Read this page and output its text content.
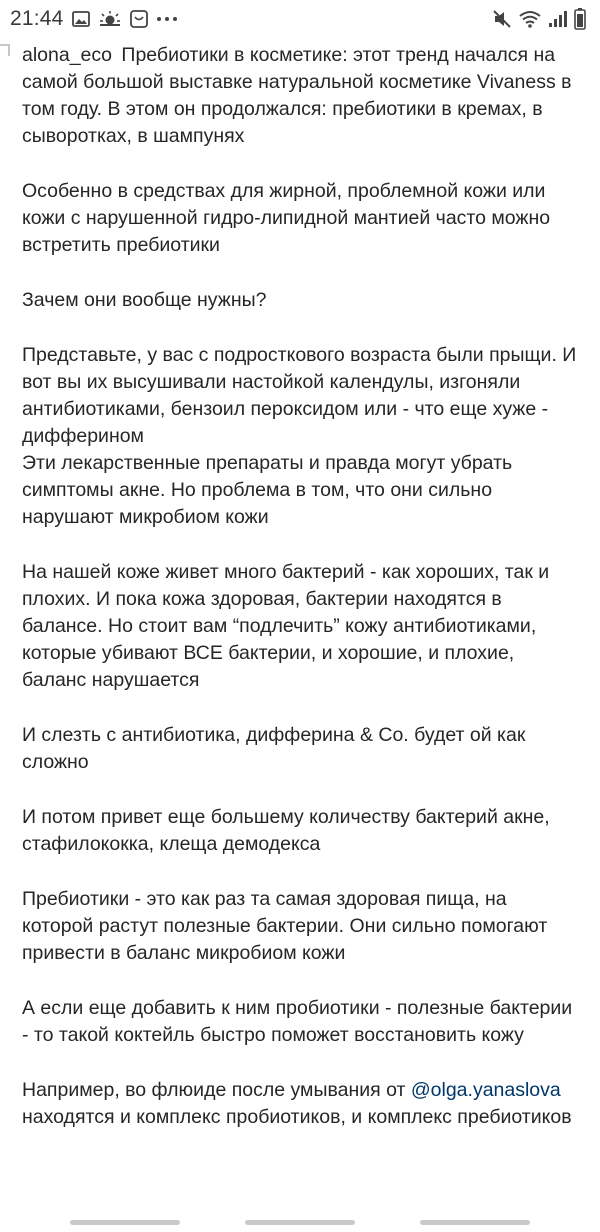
21:44

alona_eco Пребиотики в косметике: этот тренд начался на самой большой выставке натуральной косметике Vivaness в том году. В этом он продолжался: пребиотики в кремах, в сыворотках, в шампунях

Особенно в средствах для жирной, проблемной кожи или кожи с нарушенной гидро-липидной мантией часто можно встретить пребиотики

Зачем они вообще нужны?

Представьте, у вас с подросткового возраста были прыщи. И вот вы их высушивали настойкой календулы, изгоняли антибиотиками, бензоил пероксидом или - что еще хуже - дифферином
Эти лекарственные препараты и правда могут убрать симптомы акне. Но проблема в том, что они сильно нарушают микробиом кожи

На нашей коже живет много бактерий - как хороших, так и плохих. И пока кожа здоровая, бактерии находятся в балансе. Но стоит вам “подлечить” кожу антибиотиками, которые убивают ВСЕ бактерии, и хорошие, и плохие, баланс нарушается

И слезть с антибиотика, дифферина & Co. будет ой как сложно

И потом привет еще большему количеству бактерий акне, стафилококка, клеща демодекса

Пребиотики - это как раз та самая здоровая пища, на которой растут полезные бактерии. Они сильно помогают привести в баланс микробиом кожи

А если еще добавить к ним пробиотики - полезные бактерии - то такой коктейль быстро поможет восстановить кожу

Например, во флюиде после умывания от @olga.yanaslova находятся и комплекс пробиотиков, и комплекс пребиотиков
